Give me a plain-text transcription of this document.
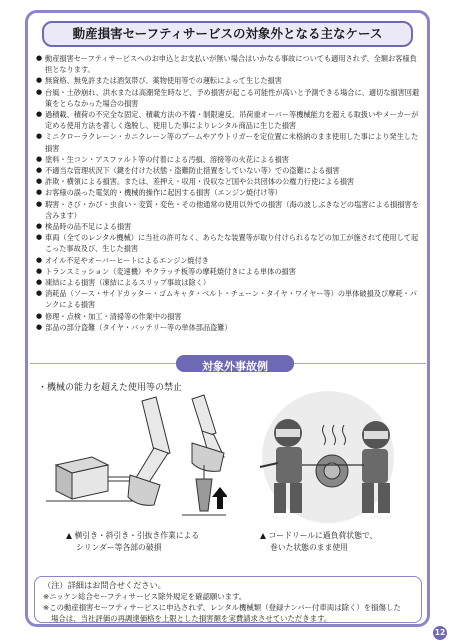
動産損害セーフティサービスの対象外となる主なケース
● 動産損害セーフティサービスへのお申込とお支払いが無い場合はいかなる事故についても適用されず、全額お客様負担となります。
● 無資格、無免許または酒気帯び、薬物使用等での運転によって生じた損害
● 台風・土砂崩れ、洪水または高潮発生時など、予め損害が起こる可能性が高いと予測できる場合に、適切な損害回避策をとらなかった場合の損害
● 過積載、積荷の不完全な固定、積載方法の不備・制限違反、吊荷重オーバー等機械能力を超える取扱いやメーカーが定める使用方法を著しく逸脱し、使用した事によりレンタル商品に生じた損害
● ミニクローラクレーン・カニクレーン等のブームやアウトリガーを定位置に未格納のまま使用した事により発生した損害
● 塗料・生コン・アスファルト等の付着による汚損、溶接等の火花による損害
● 不適当な管理状況下（鍵を付けた状態・盗難防止措置をしていない等）での盗難による損害
● 詐欺・横領による損害。または、差押え・収用・没収など国や公共団体の公権力行使による損害
● お客様の誤った電気的・機械的操作に起因する損害（エンジン焼付け等）
● 瑕害・さび・かび・虫食い・変質・変色・その他通常の使用以外での損害（海の波しぶきなどの塩害による損損害を含みます）
● 検品時の品不足による損害
● 車両（全てのレンタル機械）に当社の許可なく、あらたな装置等が取り付けられるなどの加工が施されて使用して起こった事故及び、生じた損害
● オイル不足やオーバーヒートによるエンジン焼付き
● トランスミッション（変速機）やクラッチ板等の摩耗焼付きによる単体の損害
● 凍結による損害（凍結によるスリップ事故は除く）
● 消耗品（ソース・サイドカッター・ゴムキャタ・ベルト・チェーン・タイヤ・ワイヤー等）の単体破損及び摩耗・パンクによる損害
● 修理・点検・加工・清掃等の作業中の損害
● 部品の部分盗難（タイヤ・バッテリー等の単体部品盗難）
対象外事故例
・機械の能力を超えた使用等の禁止
▲ 横引き・斜引き・引抜き作業による
シリンダー等各部の破損
▲ コードリールに過負荷状態で、
巻いた状態のまま使用
（注）詳細はお問合せください。
※ニッケン総合セーフティサービス除外規定を確認願います。
※この動産損害セーフティサービスに申込されず、レンタル機械類（登録ナンバー付車両は除く）を損傷した
場合は、当社評価の再調達価格を上限とした損害額を実費請求させていただきます。
12
